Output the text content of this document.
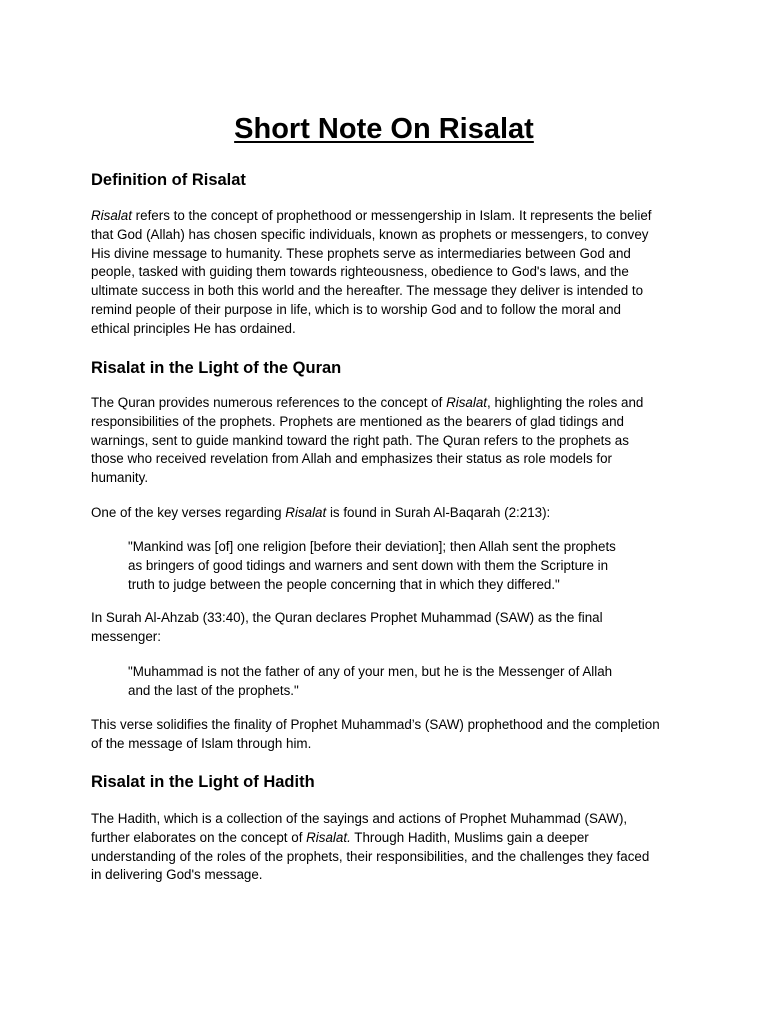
Short Note On Risalat
Definition of Risalat

Risalat refers to the concept of prophethood or messengership in Islam. It represents the belief
that God (Allah) has chosen specific individuals, known as prophets or messengers, to convey
His divine message to humanity. These prophets serve as intermediaries between God and
people, tasked with guiding them towards righteousness, obedience to God's laws, and the
ultimate success in both this world and the hereafter. The message they deliver is intended to
remind people of their purpose in life, which is to worship God and to follow the moral and
ethical principles He has ordained.

Risalat in the Light of the Quran

The Quran provides numerous references to the concept of Risalat, highlighting the roles and
responsibilities of the prophets. Prophets are mentioned as the bearers of glad tidings and
warnings, sent to guide mankind toward the right path. The Quran refers to the prophets as
those who received revelation from Allah and emphasizes their status as role models for
humanity.

One of the key verses regarding Risalat is found in Surah Al-Baqarah (2:213):

"Mankind was [of] one religion [before their deviation]; then Allah sent the prophets
as bringers of good tidings and warners and sent down with them the Scripture in
truth to judge between the people concerning that in which they differed."

In Surah Al-Ahzab (33:40), the Quran declares Prophet Muhammad (SAW) as the final
messenger:

"Muhammad is not the father of any of your men, but he is the Messenger of Allah
and the last of the prophets."

This verse solidifies the finality of Prophet Muhammad’s (SAW) prophethood and the completion
of the message of Islam through him.

Risalat in the Light of Hadith

The Hadith, which is a collection of the sayings and actions of Prophet Muhammad (SAW),
further elaborates on the concept of Risalat. Through Hadith, Muslims gain a deeper
understanding of the roles of the prophets, their responsibilities, and the challenges they faced
in delivering God's message.
